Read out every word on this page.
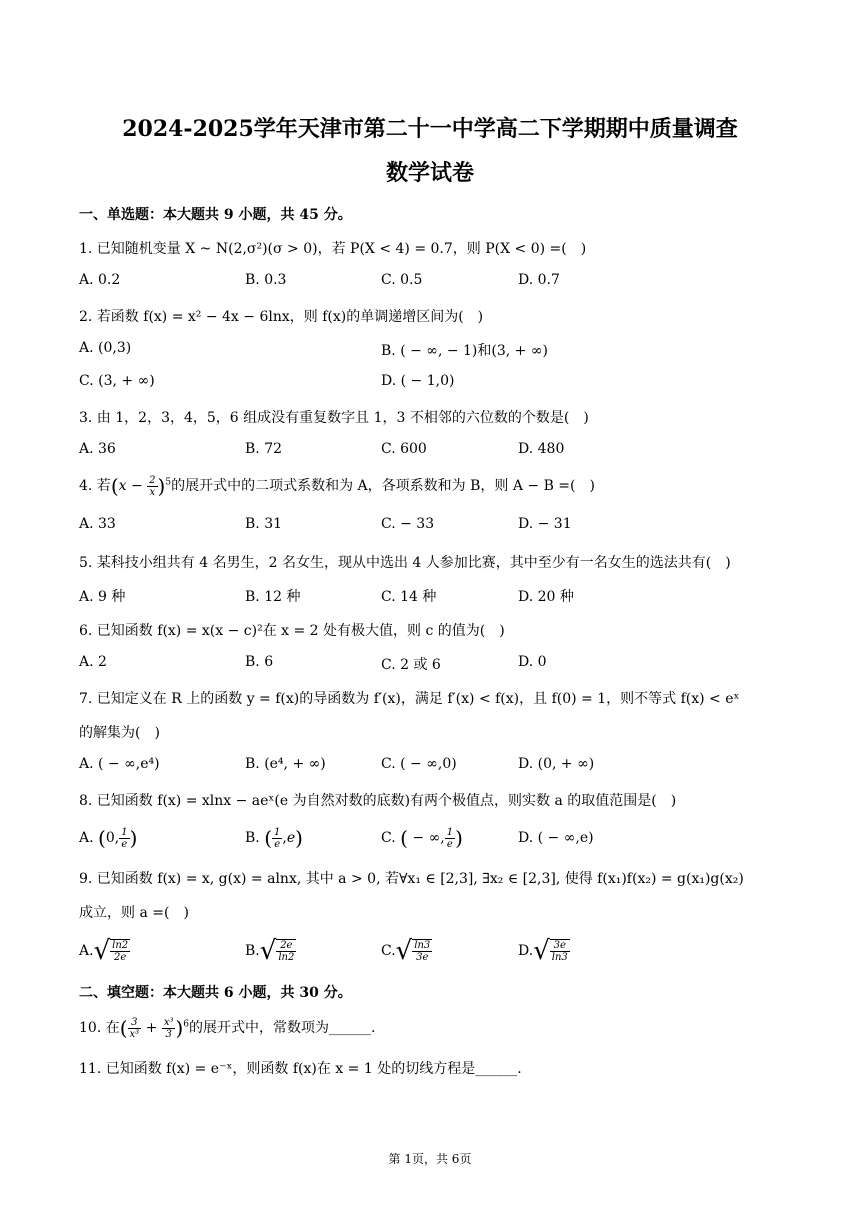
2024-2025学年天津市第二十一中学高二下学期期中质量调查
数学试卷
一、单选题：本大题共 9 小题，共 45 分。
1. 已知随机变量 X ~ N(2,σ²)(σ > 0)，若 P(X < 4) = 0.7，则 P(X < 0) =(　)
A. 0.2	B. 0.3	C. 0.5	D. 0.7
2. 若函数 f(x) = x² − 4x − 6lnx，则 f(x)的单调递增区间为(　)
A. (0,3)	B. ( − ∞, − 1)和(3, + ∞)
C. (3, + ∞)	D. ( − 1,0)
3. 由 1，2，3，4，5，6 组成没有重复数字且 1，3 不相邻的六位数的个数是(　)
A. 36	B. 72	C. 600	D. 480
4. 若$(x - \frac{2}{x} )^5$的展开式中的二项式系数和为 A，各项系数和为 B，则 A − B =(　)
A. 33	B. 31	C. − 33	D. − 31
5. 某科技小组共有 4 名男生，2 名女生，现从中选出 4 人参加比赛，其中至少有一名女生的选法共有(　)
A. 9 种	B. 12 种	C. 14 种	D. 20 种
6. 已知函数 f(x) = x(x − c)²在 x = 2 处有极大值，则 c 的值为(　)
A. 2	B. 6	C. 2 或 6	D. 0
7. 已知定义在 R 上的函数 y = f(x)的导函数为 f′(x)，满足 f′(x) < f(x)，且 f(0) = 1，则不等式 f(x) < eˣ
的解集为(　)
A. ( − ∞,e⁴)	B. (e⁴, + ∞)	C. ( − ∞,0)	D. (0, + ∞)
8. 已知函数 f(x) = xlnx − aeˣ(e 为自然对数的底数)有两个极值点，则实数 a 的取值范围是(　)
A. (0, $\frac{1}{e}$ )	B. ( $\frac{1}{e} ,e$)	C. ( − ∞, $\frac{1}{e}$ )	D. ( − ∞,e)
9. 已知函数 f(x) = x, g(x) = alnx, 其中 a > 0, 若∀x₁ ∈ [2,3], ∃x₂ ∈ [2,3], 使得 f(x₁)f(x₂) = g(x₁)g(x₂)
成立，则 a =(　)
$A.√ \frac{\ln 2}{2e}$	$B.√ \frac{2e}{\ln 2}$	$C.√ \frac{\ln 3}{3e}$	$D.√ \frac{3e}{\ln 3}$
二、填空题：本大题共 6 小题，共 30 分。
10. 在( $\frac{3}{\text{x³}} + \frac{\text{x³}}{3} )^6$的展开式中，常数项为______.
11. 已知函数 f(x) = e⁻ˣ，则函数 f(x)在 x = 1 处的切线方程是______.
第 1页，共 6页
